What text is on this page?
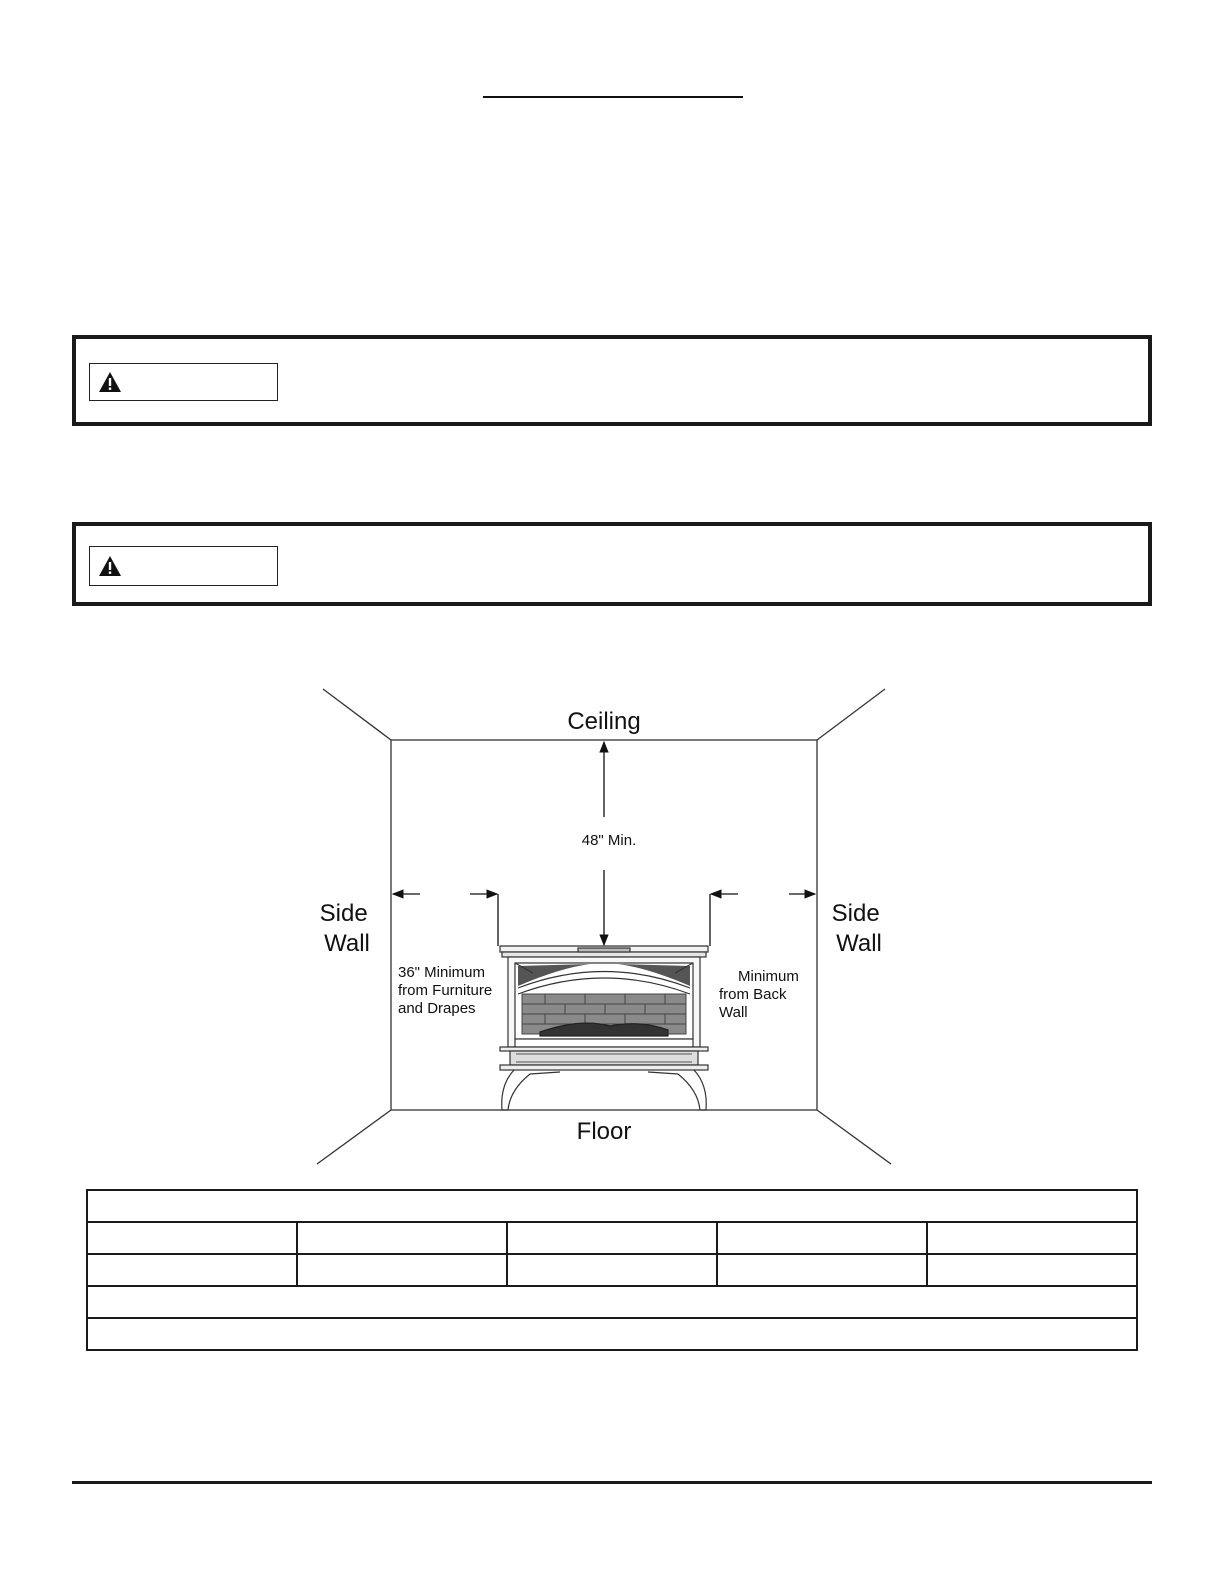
Ceiling
Floor
Side Wall
Side Wall
48" Min.
36" Minimum from Furniture and Drapes
Minimum from Back Wall
